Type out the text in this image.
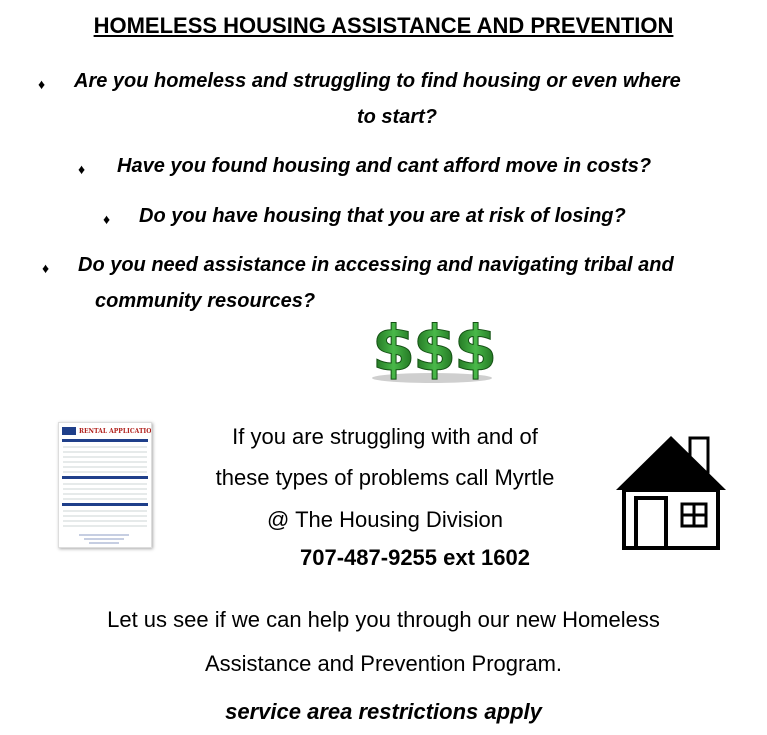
HOMELESS HOUSING ASSISTANCE AND PREVENTION
♦ Are you homeless and struggling to find housing or even where
to start?
♦ Have you found housing and cant afford move in costs?
♦ Do you have housing that you are at risk of losing?
♦ Do you need assistance in accessing and navigating tribal and
community resources?
$
$
$
RENTAL APPLICATION	If you are struggling with and of
these types of problems call Myrtle
@ The Housing Division
707-487-9255 ext 1602
Let us see if we can help you through our new Homeless
Assistance and Prevention Program.
service area restrictions apply
